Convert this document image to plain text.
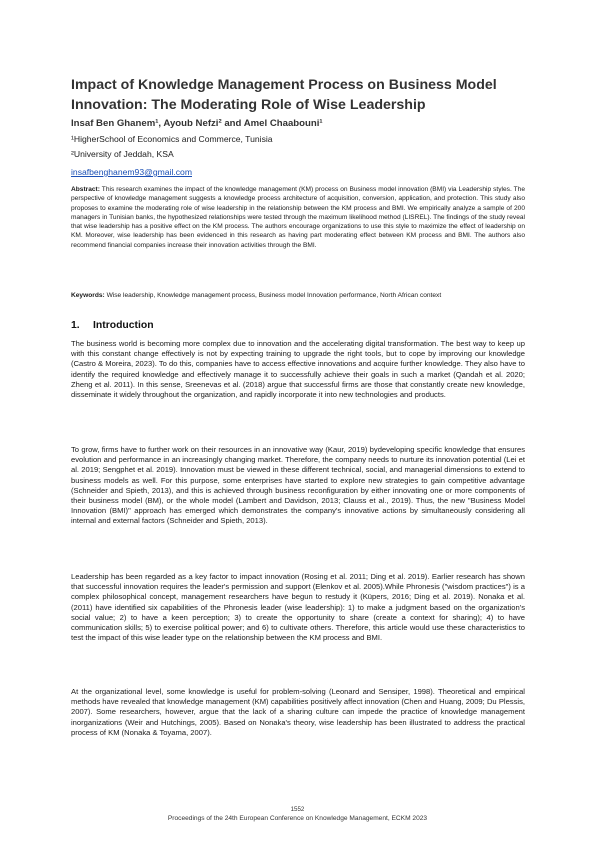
Impact of Knowledge Management Process on Business Model Innovation: The Moderating Role of Wise Leadership
Insaf Ben Ghanem¹, Ayoub Nefzi² and Amel Chaabouni¹
¹HigherSchool of Economics and Commerce, Tunisia
²University of Jeddah, KSA
insafbenghanem93@gmail.com
Abstract: This research examines the impact of the knowledge management (KM) process on Business model innovation (BMI) via Leadership styles. The perspective of knowledge management suggests a knowledge process architecture of acquisition, conversion, application, and protection. This study also proposes to examine the moderating role of wise leadership in the relationship between the KM process and BMI. We empirically analyze a sample of 200 managers in Tunisian banks, the hypothesized relationships were tested through the maximum likelihood method (LISREL). The findings of the study reveal that wise leadership has a positive effect on the KM process. The authors encourage organizations to use this style to maximize the effect of leadership on KM. Moreover, wise leadership has been evidenced in this research as having part moderating effect between KM process and BMI. The authors also recommend financial companies increase their innovation activities through the BMI.
Keywords: Wise leadership, Knowledge management process, Business model Innovation performance, North African context
1. Introduction
The business world is becoming more complex due to innovation and the accelerating digital transformation. The best way to keep up with this constant change effectively is not by expecting training to upgrade the right tools, but to cope by improving our knowledge (Castro & Moreira, 2023). To do this, companies have to access effective innovations and acquire further knowledge. They also have to identify the required knowledge and effectively manage it to successfully achieve their goals in such a market (Qandah et al. 2020; Zheng et al. 2011). In this sense, Sreenevas et al. (2018) argue that successful firms are those that constantly create new knowledge, disseminate it widely throughout the organization, and rapidly incorporate it into new technologies and products.
To grow, firms have to further work on their resources in an innovative way (Kaur, 2019) bydeveloping specific knowledge that ensures evolution and performance in an increasingly changing market. Therefore, the company needs to nurture its innovation potential (Lei et al. 2019; Sengphet et al. 2019). Innovation must be viewed in these different technical, social, and managerial dimensions to extend to business models as well. For this purpose, some enterprises have started to explore new strategies to gain competitive advantage (Schneider and Spieth, 2013), and this is achieved through business reconfiguration by either innovating one or more components of their business model (BM), or the whole model (Lambert and Davidson, 2013; Clauss et al., 2019). Thus, the new "Business Model Innovation (BMI)" approach has emerged which demonstrates the company's innovative actions by simultaneously considering all internal and external factors (Schneider and Spieth, 2013).
Leadership has been regarded as a key factor to impact innovation (Rosing et al. 2011; Ding et al. 2019). Earlier research has shown that successful innovation requires the leader's permission and support (Elenkov et al. 2005).While Phronesis ("wisdom practices") is a complex philosophical concept, management researchers have begun to restudy it (Küpers, 2016; Ding et al. 2019). Nonaka et al. (2011) have identified six capabilities of the Phronesis leader (wise leadership): 1) to make a judgment based on the organization's social value; 2) to have a keen perception; 3) to create the opportunity to share (create a context for sharing); 4) to have communication skills; 5) to exercise political power; and 6) to cultivate others. Therefore, this article would use these characteristics to test the impact of this wise leader type on the relationship between the KM process and BMI.
At the organizational level, some knowledge is useful for problem-solving (Leonard and Sensiper, 1998). Theoretical and empirical methods have revealed that knowledge management (KM) capabilities positively affect innovation (Chen and Huang, 2009; Du Plessis, 2007). Some researchers, however, argue that the lack of a sharing culture can impede the practice of knowledge management inorganizations (Weir and Hutchings, 2005). Based on Nonaka's theory, wise leadership has been illustrated to address the practical process of KM (Nonaka & Toyama, 2007).
1552
Proceedings of the 24th European Conference on Knowledge Management, ECKM 2023
